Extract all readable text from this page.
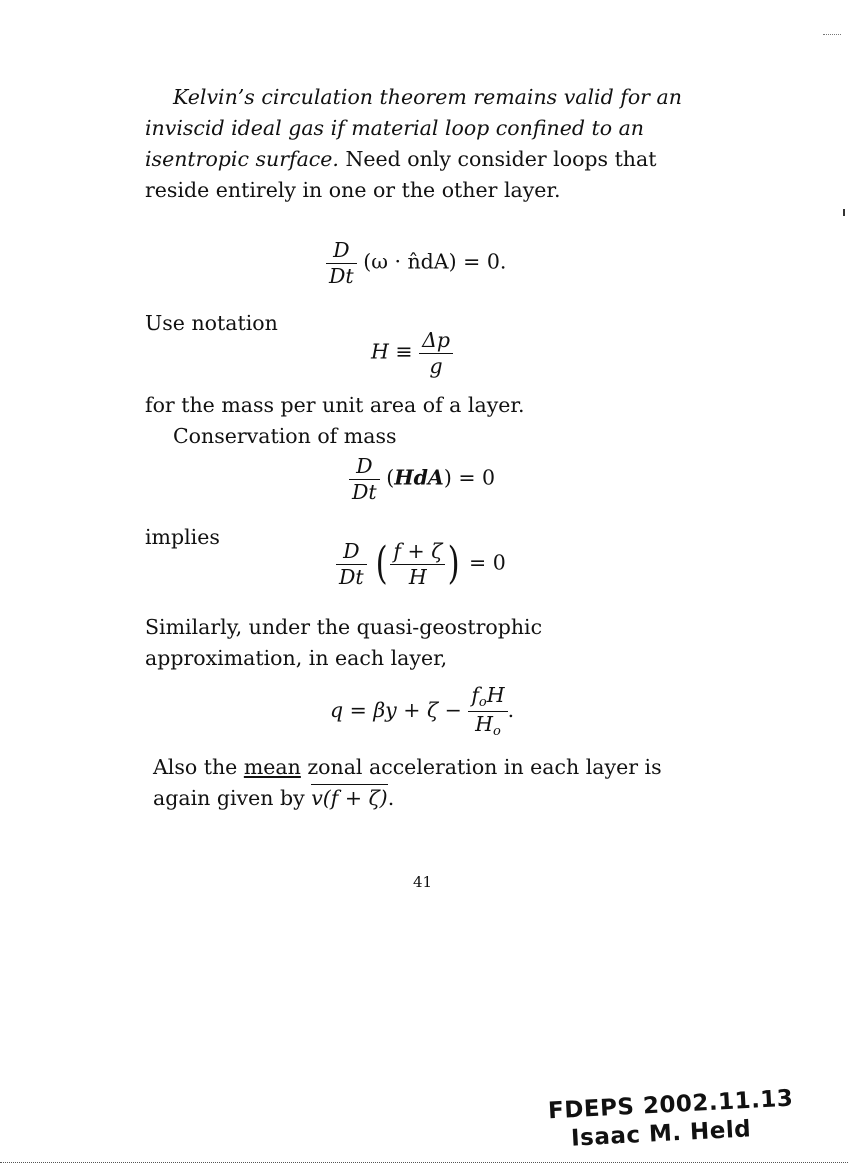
Kelvin’s circulation theorem remains valid for an inviscid ideal gas if material loop confined to an isentropic surface. Need only consider loops that reside entirely in one or the other layer.
$\frac{D}{Dt} (\omega$ · n̂dA) = 0.
Use notation
$H \equiv \frac{\Delta p}{g}$
for the mass per unit area of a layer.
Conservation of mass
$\frac{D}{Dt} (HdA) = 0$
implies
$\frac{D}{Dt}$ ( $\frac{f + \zeta}{H}$ ) = 0
Similarly, under the quasi-geostrophic approximation, in each layer,
$q = \beta y + \zeta - \frac{f_oH}{H_o}$ .
Also the mean zonal acceleration in each layer is again given by v(f + ζ).
41
FDEPS 2002.11.13
Isaac M. Held
